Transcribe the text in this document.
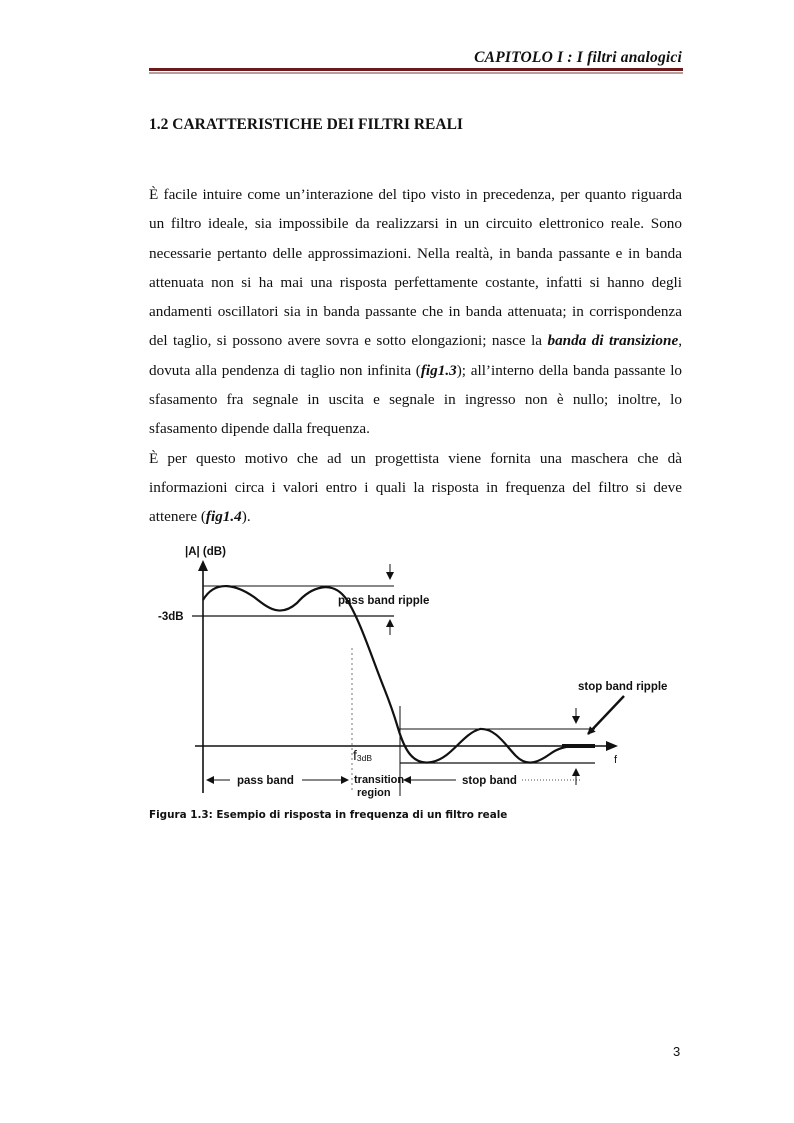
CAPITOLO I : I filtri analogici
1.2 CARATTERISTICHE DEI FILTRI REALI

È facile intuire come un’interazione del tipo visto in precedenza, per quanto riguarda un filtro ideale, sia impossibile da realizzarsi in un circuito elettronico reale. Sono necessarie pertanto delle approssimazioni. Nella realtà, in banda passante e in banda attenuata non si ha mai una risposta perfettamente costante, infatti si hanno degli andamenti oscillatori sia in banda passante che in banda attenuata; in corrispondenza del taglio, si possono avere sovra e sotto elongazioni; nasce la banda di transizione, dovuta alla pendenza di taglio non infinita (fig1.3); all’interno della banda passante lo sfasamento fra segnale in uscita e segnale in ingresso non è nullo; inoltre, lo sfasamento dipende dalla frequenza.

È per questo motivo che ad un progettista viene fornita una maschera che dà informazioni circa i valori entro i quali la risposta in frequenza del filtro si deve attenere (fig1.4).

|A| (dB)
-3dB
pass band ripple
stop band ripple
f3dB	f
pass band	transition
region
stop band
Figura 1.3: Esempio di risposta in frequenza di un filtro reale
3
